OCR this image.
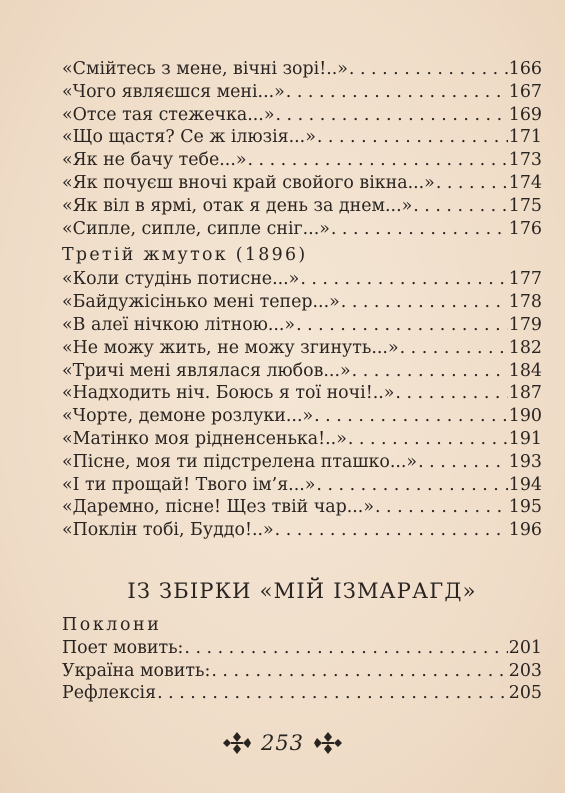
«Смійтесь з мене, вічні зорі!..» . . .	166
«Чого являєшся мені...» . . .	167
«Отсе тая стежечка...» . . .	169
«Що щастя? Се ж ілюзія...» . . .	171
«Як не бачу тебе...» . . .	173
«Як почуєш вночі край свойого вікна...» . . .	174
«Як віл в ярмі, отак я день за днем...» . . .	175
«Сипле, сипле, сипле сніг...» . . .	176
Третій жмуток (1896)
«Коли студінь потисне...» . . .	177
«Байдужісінько мені тепер...» . . .	178
«В алеї нічкою літною...» . . .	179
«Не можу жить, не можу згинуть...» . . .	182
«Тричі мені являлася любов...» . . .	184
«Надходить ніч. Боюсь я тої ночі!..» . . .	187
«Чорте, демоне розлуки...» . . .	190
«Матінко моя рідненсенька!..» . . .	191
«Пісне, моя ти підстрелена пташко...» . . .	193
«І ти прощай! Твого ім’я...» . . .	194
«Даремно, пісне! Щез твій чар...» . . .	195
«Поклін тобі, Буддо!..» . . .	196
ІЗ ЗБІРКИ «МІЙ ІЗМАРАГД»
Поклони
Поет мовить: . . .	201
Україна мовить: . . .	203
Рефлексія . . .	205
253
